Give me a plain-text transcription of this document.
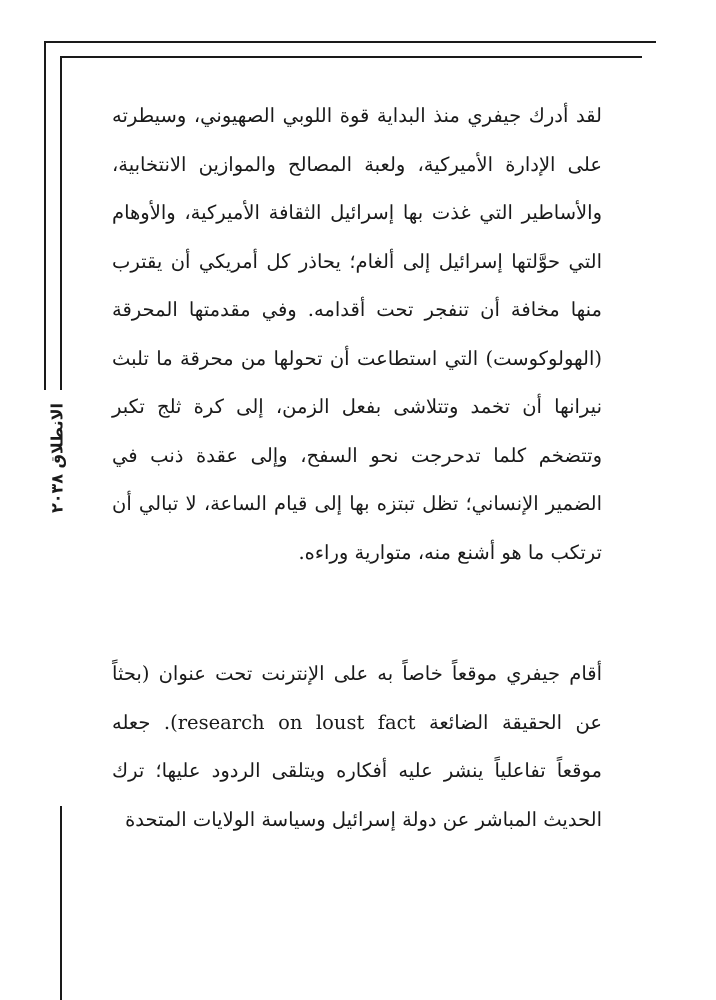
الانطلاق ٢٠٣٨

لقد أدرك جيفري منذ البداية قوة اللوبي الصهيوني، وسيطرته على الإدارة الأميركية، ولعبة المصالح والموازين الانتخابية، والأساطير التي غذت بها إسرائيل الثقافة الأميركية، والأوهام التي حوَّلتها إسرائيل إلى ألغام؛ يحاذر كل أمريكي أن يقترب منها مخافة أن تنفجر تحت أقدامه. وفي مقدمتها المحرقة (الهولوكوست) التي استطاعت أن تحولها من محرقة ما تلبث نيرانها أن تخمد وتتلاشى بفعل الزمن، إلى كرة ثلج تكبر وتتضخم كلما تدحرجت نحو السفح، وإلى عقدة ذنب في الضمير الإنساني؛ تظل تبتزه بها إلى قيام الساعة، لا تبالي أن ترتكب ما هو أشنع منه، متوارية وراءه.

أقام جيفري موقعاً خاصاً به على الإنترنت تحت عنوان (بحثاً عن الحقيقة الضائعة research on loust fact). جعله موقعاً تفاعلياً ينشر عليه أفكاره ويتلقى الردود عليها؛ ترك الحديث المباشر عن دولة إسرائيل وسياسة الولايات المتحدة
